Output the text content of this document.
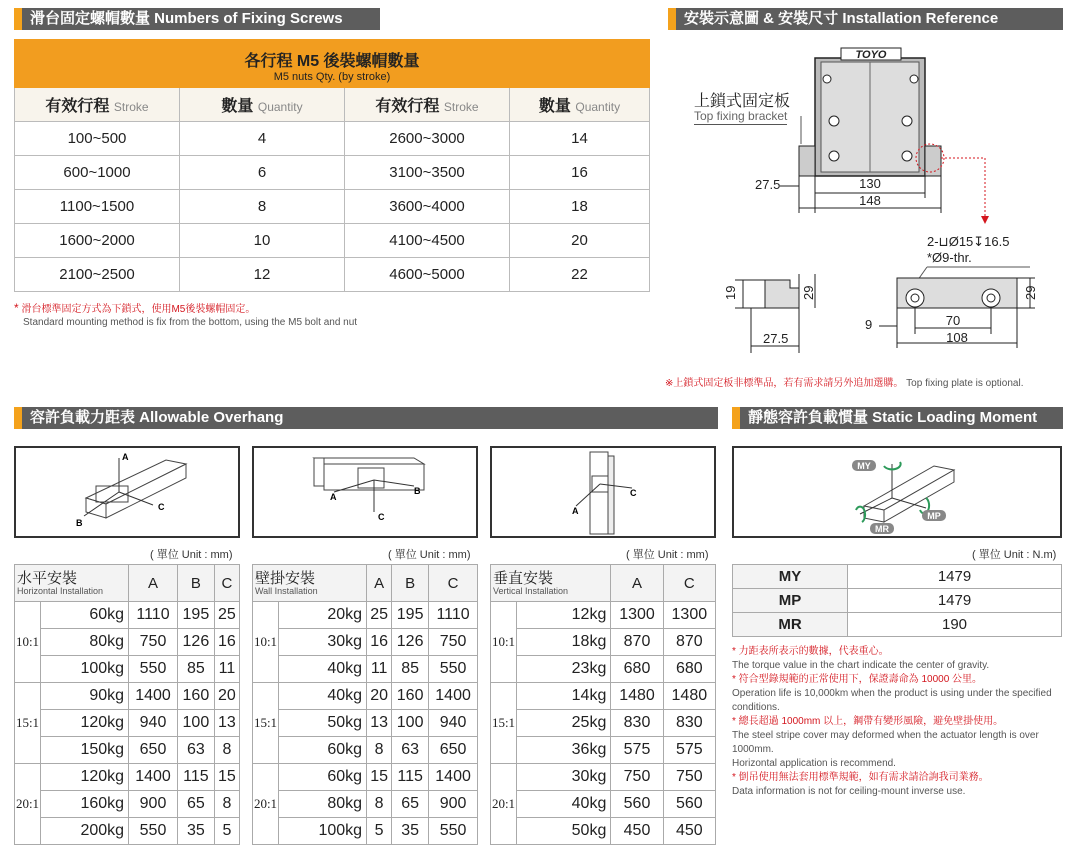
滑台固定螺帽數量 Numbers of Fixing Screws
各行程 M5 後裝螺帽數量
M5 nuts Qty. (by stroke)			

有效行程 Stroke	數量 Quantity	有效行程 Stroke	數量 Quantity
100~500	4	2600~3000	14
600~1000	6	3100~3500	16
1100~1500	8	3600~4000	18
1600~2000	10	4100~4500	20
2100~2500	12	4600~5000	22
* 滑台標準固定方式為下鎖式，使用M5後裝螺帽固定。
Standard mounting method is fix from the bottom, using the M5 bolt and nut
安裝示意圖 & 安裝尺寸 Installation Reference
TOYO
27.5	130
148
2-⊔Ø15↧16.5
*Ø9-thr.
19	29
27.5
29
9	70
108
上鎖式固定板
Top fixing bracket
※上鎖式固定板非標準品，若有需求請另外追加選購。 Top fixing plate is optional.
容許負載力距表 Allowable Overhang
A
C
B
A
B
C
C
A
( 單位 Unit : mm)	( 單位 Unit : mm)	( 單位 Unit : mm)
水平安裝
Horizontal Installation		A	B	C
10:1	60kg	1110	195	25
	80kg	750	126	16
	100kg	550	85	11
15:1	90kg	1400	160	20
	120kg	940	100	13
	150kg	650	63	8
20:1	120kg	1400	115	15
	160kg	900	65	8
	200kg	550	35	5
壁掛安裝
Wall Installation		A	B	C
10:1	20kg	25	195	1110
	30kg	16	126	750
	40kg	11	85	550
15:1	40kg	20	160	1400
	50kg	13	100	940
	60kg	8	63	650
20:1	60kg	15	115	1400
	80kg	8	65	900
	100kg	5	35	550
垂直安裝
Vertical Installation		A	C
10:1	12kg	1300	1300
	18kg	870	870
	23kg	680	680
15:1	14kg	1480	1480
	25kg	830	830
	36kg	575	575
20:1	30kg	750	750
	40kg	560	560
	50kg	450	450
靜態容許負載慣量 Static Loading Moment
MY
MP
MR
( 單位 Unit : N.m)
MY	1479
MP	1479
MR	190
* 力距表所表示的數據，代表重心。
The torque value in the chart indicate the center of gravity.
* 符合型錄規範的正常使用下，保證壽命為 10000 公里。
Operation life is 10,000km when the product is using under the specified conditions.
* 總長超過 1000mm 以上，鋼帶有變形風險，避免壁掛使用。
The steel stripe cover may deformed when the actuator length is over 1000mm.
Horizontal application is recommend.
* 倒吊使用無法套用標準規範，如有需求請洽詢我司業務。
Data information is not for ceiling-mount inverse use.
